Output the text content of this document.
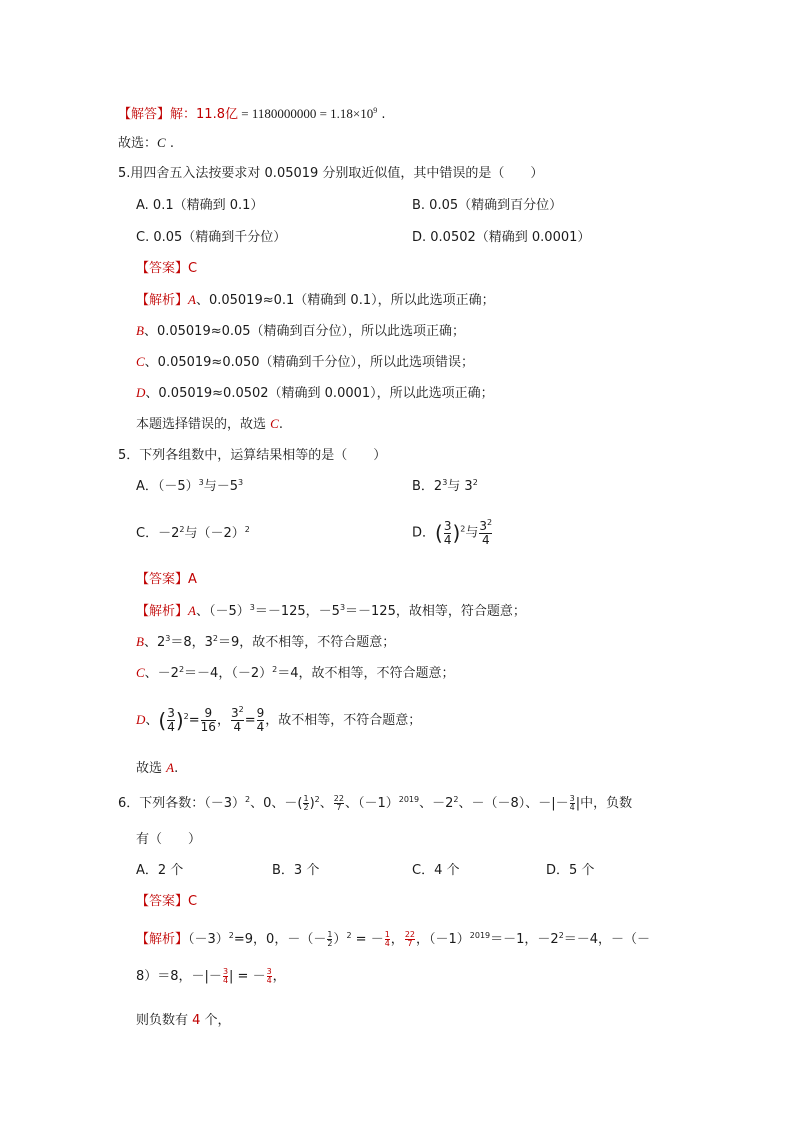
【解答】解：11.8亿 = $1180000000 = 1.18\times 10^9$ .
故选：C .
5.用四舍五入法按要求对 0.05019 分别取近似值，其中错误的是（　　）
A. 0.1（精确到 0.1）	B. 0.05（精确到百分位）
C. 0.05（精确到千分位）	D. 0.0502（精确到 0.0001）
【答案】C
【解析】A、0.05019≈0.1（精确到 0.1），所以此选项正确；
B、0.05019≈0.05（精确到百分位），所以此选项正确；
C、0.05019≈0.050（精确到千分位），所以此选项错误；
D、0.05019≈0.0502（精确到 0.0001），所以此选项正确；
本题选择错误的，故选 C.
5．下列各组数中，运算结果相等的是（　　）
A．$(-5)^3$与$-5^3$	B．$2^3$与 $3^2$
C．$-2^2$与$(-2)^2$	D．( $\frac{3}{4} )^2$与 $\frac{3^2}{4}$
【答案】A
【解析】A、$(-5)^3=-125$，$-5^3=-125$，故相等，符合题意；
B、$2^3=8$，$3^2=9$，故不相等，不符合题意；
C、$-2^2=-4$，$(-2)^2=4$，故不相等，不符合题意；
D、( $\frac{3}{4} )^2= \frac{9}{16}$ ， $\frac{3^2}{4} = \frac{9}{4}$ ，故不相等，不符合题意；
故选 A.
6．下列各数：$(-3)^2$、0、－( $\frac{1}{2} )^2$、 $\frac{22}{7}$ 、$(-1)^{2019}$、$-2^2$、－（－8）、－|－ $\frac{3}{4}$ |中，负数
有（　　）
A．2 个	B．3 个	C．4 个	D．5 个
【答案】C
【解析】$(-3)^2=9$，0，－（－ $\frac{1}{2} )^2$ = － $\frac{1}{4}$ ， $\frac{22}{7}$ ，$(-1)^{2019}=-1$，$-2^2=-4$，－（－
8）＝8，－|－ $\frac{3}{4}$ | = － $\frac{3}{4}$ ，
则负数有 4 个，
